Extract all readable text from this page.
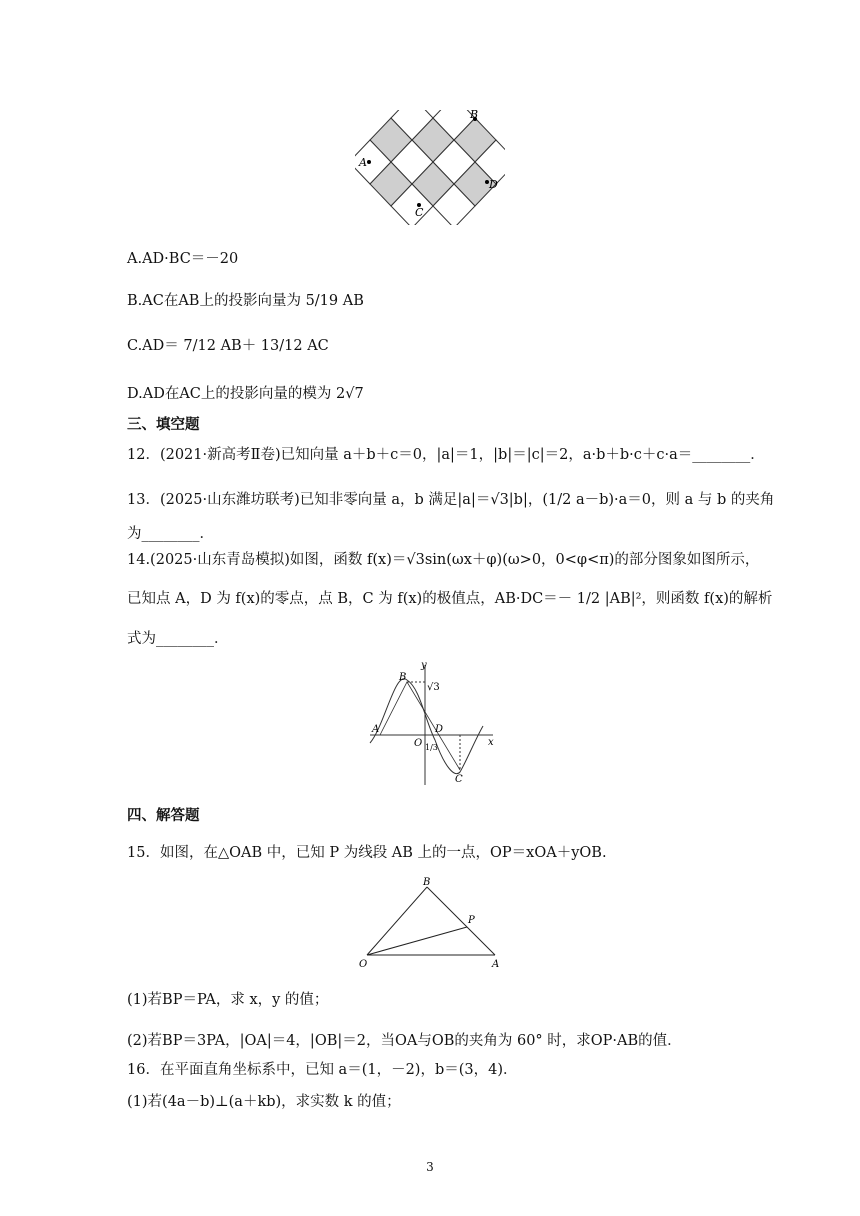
A
B
C
D
A.AD·BC＝－20
B.AC在AB上的投影向量为 5/19 AB
C.AD＝ 7/12 AB＋ 13/12 AC
D.AD在AC上的投影向量的模为 2√7
三、填空题
12．(2021·新高考Ⅱ卷)已知向量 a＋b＋c＝0，|a|＝1，|b|＝|c|＝2，a·b＋b·c＋c·a＝________．
13．(2025·山东潍坊联考)已知非零向量 a，b 满足|a|＝√3|b|，(1/2 a－b)·a＝0，则 a 与 b 的夹角
为________．
14.(2025·山东青岛模拟)如图，函数 f(x)＝√3sin(ωx＋φ)(ω>0，0<φ<π)的部分图象如图所示，
已知点 A，D 为 f(x)的零点，点 B，C 为 f(x)的极值点，AB·DC＝－ 1/2 |AB|²，则函数 f(x)的解析
式为________．
y
x
B
√3
A	D
O 1/3
C
四、解答题
15．如图，在△OAB 中，已知 P 为线段 AB 上的一点，OP＝xOA＋yOB.
O	A
B
P
(1)若BP＝PA，求 x，y 的值；
(2)若BP＝3PA，|OA|＝4，|OB|＝2，当OA与OB的夹角为 60° 时，求OP·AB的值．
16．在平面直角坐标系中，已知 a＝(1，－2)，b＝(3，4)．
(1)若(4a－b)⊥(a＋kb)，求实数 k 的值；
3
